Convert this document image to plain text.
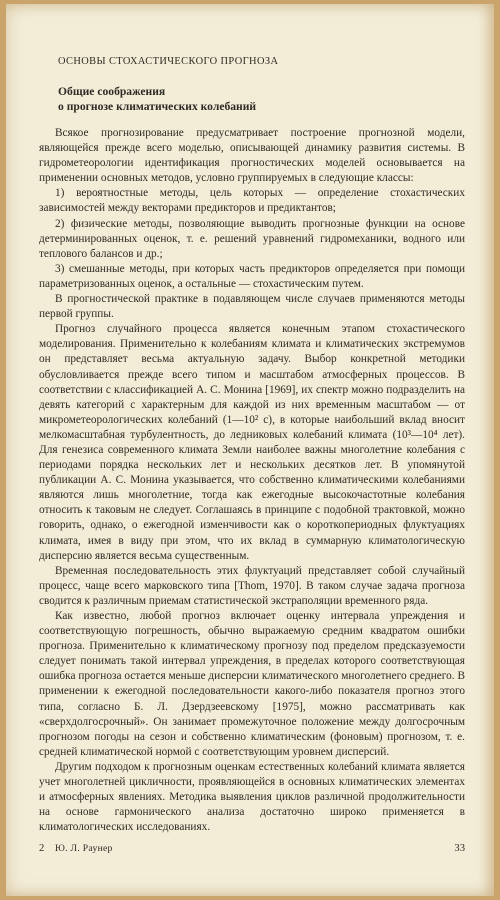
ОСНОВЫ СТОХАСТИЧЕСКОГО ПРОГНОЗА
Общие соображения
о прогнозе климатических колебаний

Всякое прогнозирование предусматривает построение прогнозной модели, являющейся прежде всего моделью, описывающей динамику развития системы. В гидрометеорологии идентификация прогностических моделей основывается на применении основных методов, условно группируемых в следующие классы:

1) вероятностные методы, цель которых — определение стохастических зависимостей между векторами предикторов и предиктантов;

2) физические методы, позволяющие выводить прогнозные функции на основе детерминированных оценок, т. е. решений уравнений гидромеханики, водного или теплового балансов и др.;

3) смешанные методы, при которых часть предикторов определяется при помощи параметризованных оценок, а остальные — стохастическим путем.

В прогностической практике в подавляющем числе случаев применяются методы первой группы.

Прогноз случайного процесса является конечным этапом стохастического моделирования. Применительно к колебаниям климата и климатических экстремумов он представляет весьма актуальную задачу. Выбор конкретной методики обусловливается прежде всего типом и масштабом атмосферных процессов. В соответствии с классификацией А. С. Монина [1969], их спектр можно подразделить на девять категорий с характерным для каждой из них временным масштабом — от микрометеорологических колебаний (1—10² с), в которые наибольший вклад вносит мелкомасштабная турбулентность, до ледниковых колебаний климата (10³—10⁴ лет). Для генезиса современного климата Земли наиболее важны многолетние колебания с периодами порядка нескольких лет и нескольких десятков лет. В упомянутой публикации А. С. Монина указывается, что собственно климатическими колебаниями являются лишь многолетние, тогда как ежегодные высокочастотные колебания относить к таковым не следует. Соглашаясь в принципе с подобной трактовкой, можно говорить, однако, о ежегодной изменчивости как о короткопериодных флуктуациях климата, имея в виду при этом, что их вклад в суммарную климатологическую дисперсию является весьма существенным.

Временная последовательность этих флуктуаций представляет собой случайный процесс, чаще всего марковского типа [Thom, 1970]. В таком случае задача прогноза сводится к различным приемам статистической экстраполяции временного ряда.

Как известно, любой прогноз включает оценку интервала упреждения и соответствующую погрешность, обычно выражаемую средним квадратом ошибки прогноза. Применительно к климатическому прогнозу под пределом предсказуемости следует понимать такой интервал упреждения, в пределах которого соответствующая ошибка прогноза остается меньше дисперсии климатического многолетнего среднего. В применении к ежегодной последовательности какого-либо показателя прогноз этого типа, согласно Б. Л. Дзердзеевскому [1975], можно рассматривать как «сверхдолгосрочный». Он занимает промежуточное положение между долгосрочным прогнозом погоды на сезон и собственно климатическим (фоновым) прогнозом, т. е. средней климатической нормой с соответствующим уровнем дисперсий.

Другим подходом к прогнозным оценкам естественных колебаний климата является учет многолетней цикличности, проявляющейся в основных климатических элементах и атмосферных явлениях. Методика выявления циклов различной продолжительности на основе гармонического анализа достаточно широко применяется в климатологических исследованиях.

2 Ю. Л. Раунер	33
